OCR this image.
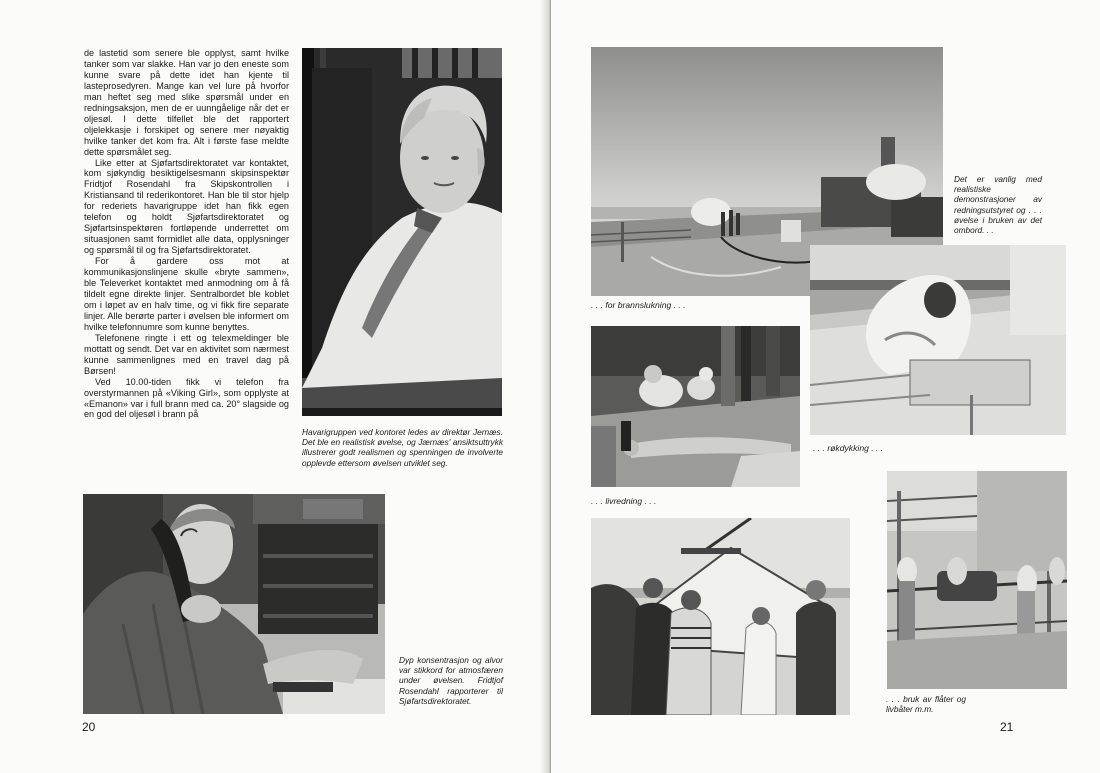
de lastetid som senere ble opplyst, samt hvilke tanker som var slakke. Han var jo den eneste som kunne svare på dette idet han kjente til lasteprosedyren. Mange kan vel lure på hvorfor man heftet seg med slike spørsmål under en redningsaksjon, men de er uunngåelige når det er oljesøl. I dette tilfellet ble det rapportert oljelekkasje i forskipet og senere mer nøyaktig hvilke tanker det kom fra. Alt i første fase meldte dette spørsmålet seg.

Like etter at Sjøfartsdirektoratet var kontaktet, kom sjøkyndig besiktigelsesmann skipsinspektør Fridtjof Rosendahl fra Skipskontrollen i Kristiansand til rederikontoret. Han ble til stor hjelp for rederiets havarigruppe idet han fikk egen telefon og holdt Sjøfartsdirektoratet og Sjøfartsinspektøren fortløpende underrettet om situasjonen samt formidlet alle data, opplysninger og spørsmål til og fra Sjøfartsdirektoratet.

For å gardere oss mot at kommunikasjonslinjene skulle «bryte sammen», ble Televerket kontaktet med anmodning om å få tildelt egne direkte linjer. Sentralbordet ble koblet om i løpet av en halv time, og vi fikk fire separate linjer. Alle berørte parter i øvelsen ble informert om hvilke telefonnumre som kunne benyttes.

Telefonene ringte i ett og telexmeldinger ble mottatt og sendt. Det var en aktivitet som nærmest kunne sammenlignes med en travel dag på Børsen!

Ved 10.00-tiden fikk vi telefon fra overstyrmannen på «Viking Girl», som opplyste at «Emanon» var i full brann med ca. 20° slagside og en god del oljesøl i brann på

Havarigruppen ved kontoret ledes av direktør Jernæs. Det ble en realistisk øvelse, og Jærnæs' ansiktsuttrykk illustrerer godt realismen og spenningen de involverte opplevde ettersom øvelsen utviklet seg.
Dyp konsentrasjon og alvor var stikkord for atmosfæren under øvelsen. Fridtjof Rosendahl rapporterer til Sjøfartsdirektoratet.
20
Det er vanlig med realistiske demonstrasjoner av redningsutstyret og . . . øvelse i bruken av det ombord. . .
. . . for brannslukning . . .
. . . røkdykking . . .
. . . livredning . . .
. . . bruk av flåter og livbåter m.m.
21
